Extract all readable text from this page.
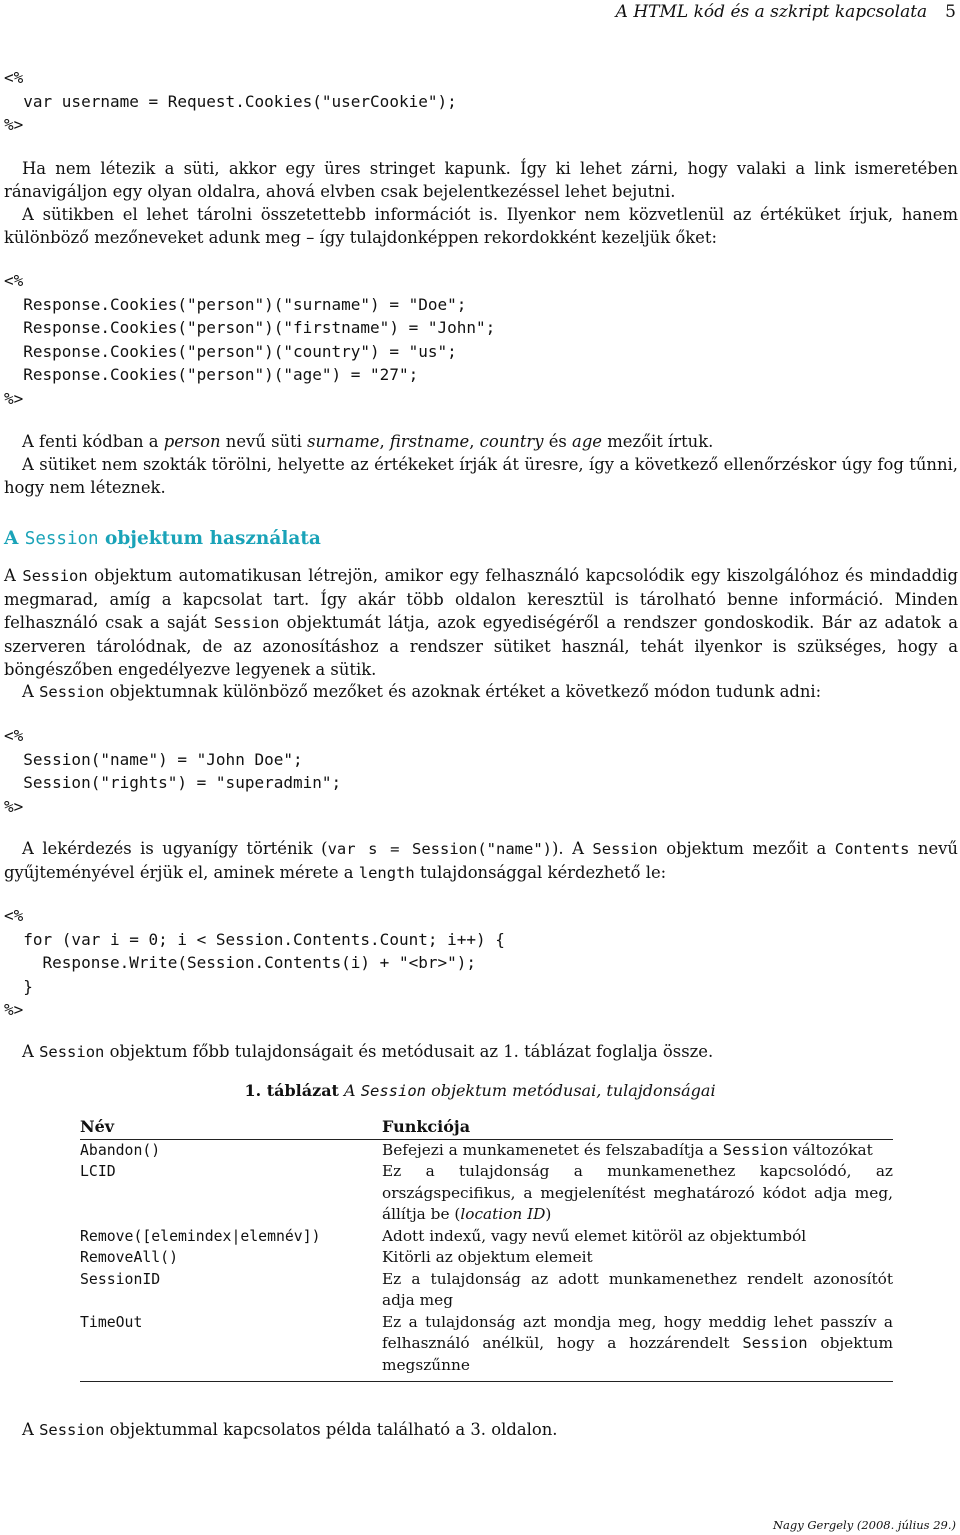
A HTML kód és a szkript kapcsolata 5
<%
var username = Request.Cookies("userCookie");
%>
Ha nem létezik a süti, akkor egy üres stringet kapunk. Így ki lehet zárni, hogy valaki a link ismeretében ránavigáljon egy olyan oldalra, ahová elvben csak bejelentkezéssel lehet bejutni.
A sütikben el lehet tárolni összetettebb információt is. Ilyenkor nem közvetlenül az értéküket írjuk, hanem különböző mezőneveket adunk meg – így tulajdonképpen rekordokként kezeljük őket:
<%
Response.Cookies("person")("surname") = "Doe";
Response.Cookies("person")("firstname") = "John";
Response.Cookies("person")("country") = "us";
Response.Cookies("person")("age") = "27";
%>
A fenti kódban a person nevű süti surname, firstname, country és age mezőit írtuk.
A sütiket nem szokták törölni, helyette az értékeket írják át üresre, így a következő ellenőrzéskor úgy fog tűnni, hogy nem léteznek.
A Session objektum használata
A Session objektum automatikusan létrejön, amikor egy felhasználó kapcsolódik egy kiszolgálóhoz és mindaddig megmarad, amíg a kapcsolat tart. Így akár több oldalon keresztül is tárolható benne információ. Minden felhasználó csak a saját Session objektumát látja, azok egyediségéről a rendszer gondoskodik. Bár az adatok a szerveren tárolódnak, de az azonosításhoz a rendszer sütiket használ, tehát ilyenkor is szükséges, hogy a böngészőben engedélyezve legyenek a sütik.
A Session objektumnak különböző mezőket és azoknak értéket a következő módon tudunk adni:
<%
Session("name") = "John Doe";
Session("rights") = "superadmin";
%>
A lekérdezés is ugyanígy történik (var s = Session("name")). A Session objektum mezőit a Contents nevű gyűjteményével érjük el, aminek mérete a length tulajdonsággal kérdezhető le:
<%
for (var i = 0; i < Session.Contents.Count; i++) {
Response.Write(Session.Contents(i) + "<br>");
}
%>
A Session objektum főbb tulajdonságait és metódusait az 1. táblázat foglalja össze.
1. táblázat A Session objektum metódusai, tulajdonságai
Név	Funkciója
Abandon()	Befejezi a munkamenetet és felszabadítja a Session változókat
LCID	Ez a tulajdonság a munkamenethez kapcsolódó, az országspecifikus, a megjelenítést meghatározó kódot adja meg, állítja be (location ID)
Remove([elemindex|elemnév])	Adott indexű, vagy nevű elemet kitöröl az objektumból
RemoveAll()	Kitörli az objektum elemeit
SessionID	Ez a tulajdonság az adott munkamenethez rendelt azonosítót adja meg
TimeOut	Ez a tulajdonság azt mondja meg, hogy meddig lehet passzív a felhasználó anélkül, hogy a hozzárendelt Session objektum megszűnne
A Session objektummal kapcsolatos példa található a 3. oldalon.
Nagy Gergely (2008. július 29.)
